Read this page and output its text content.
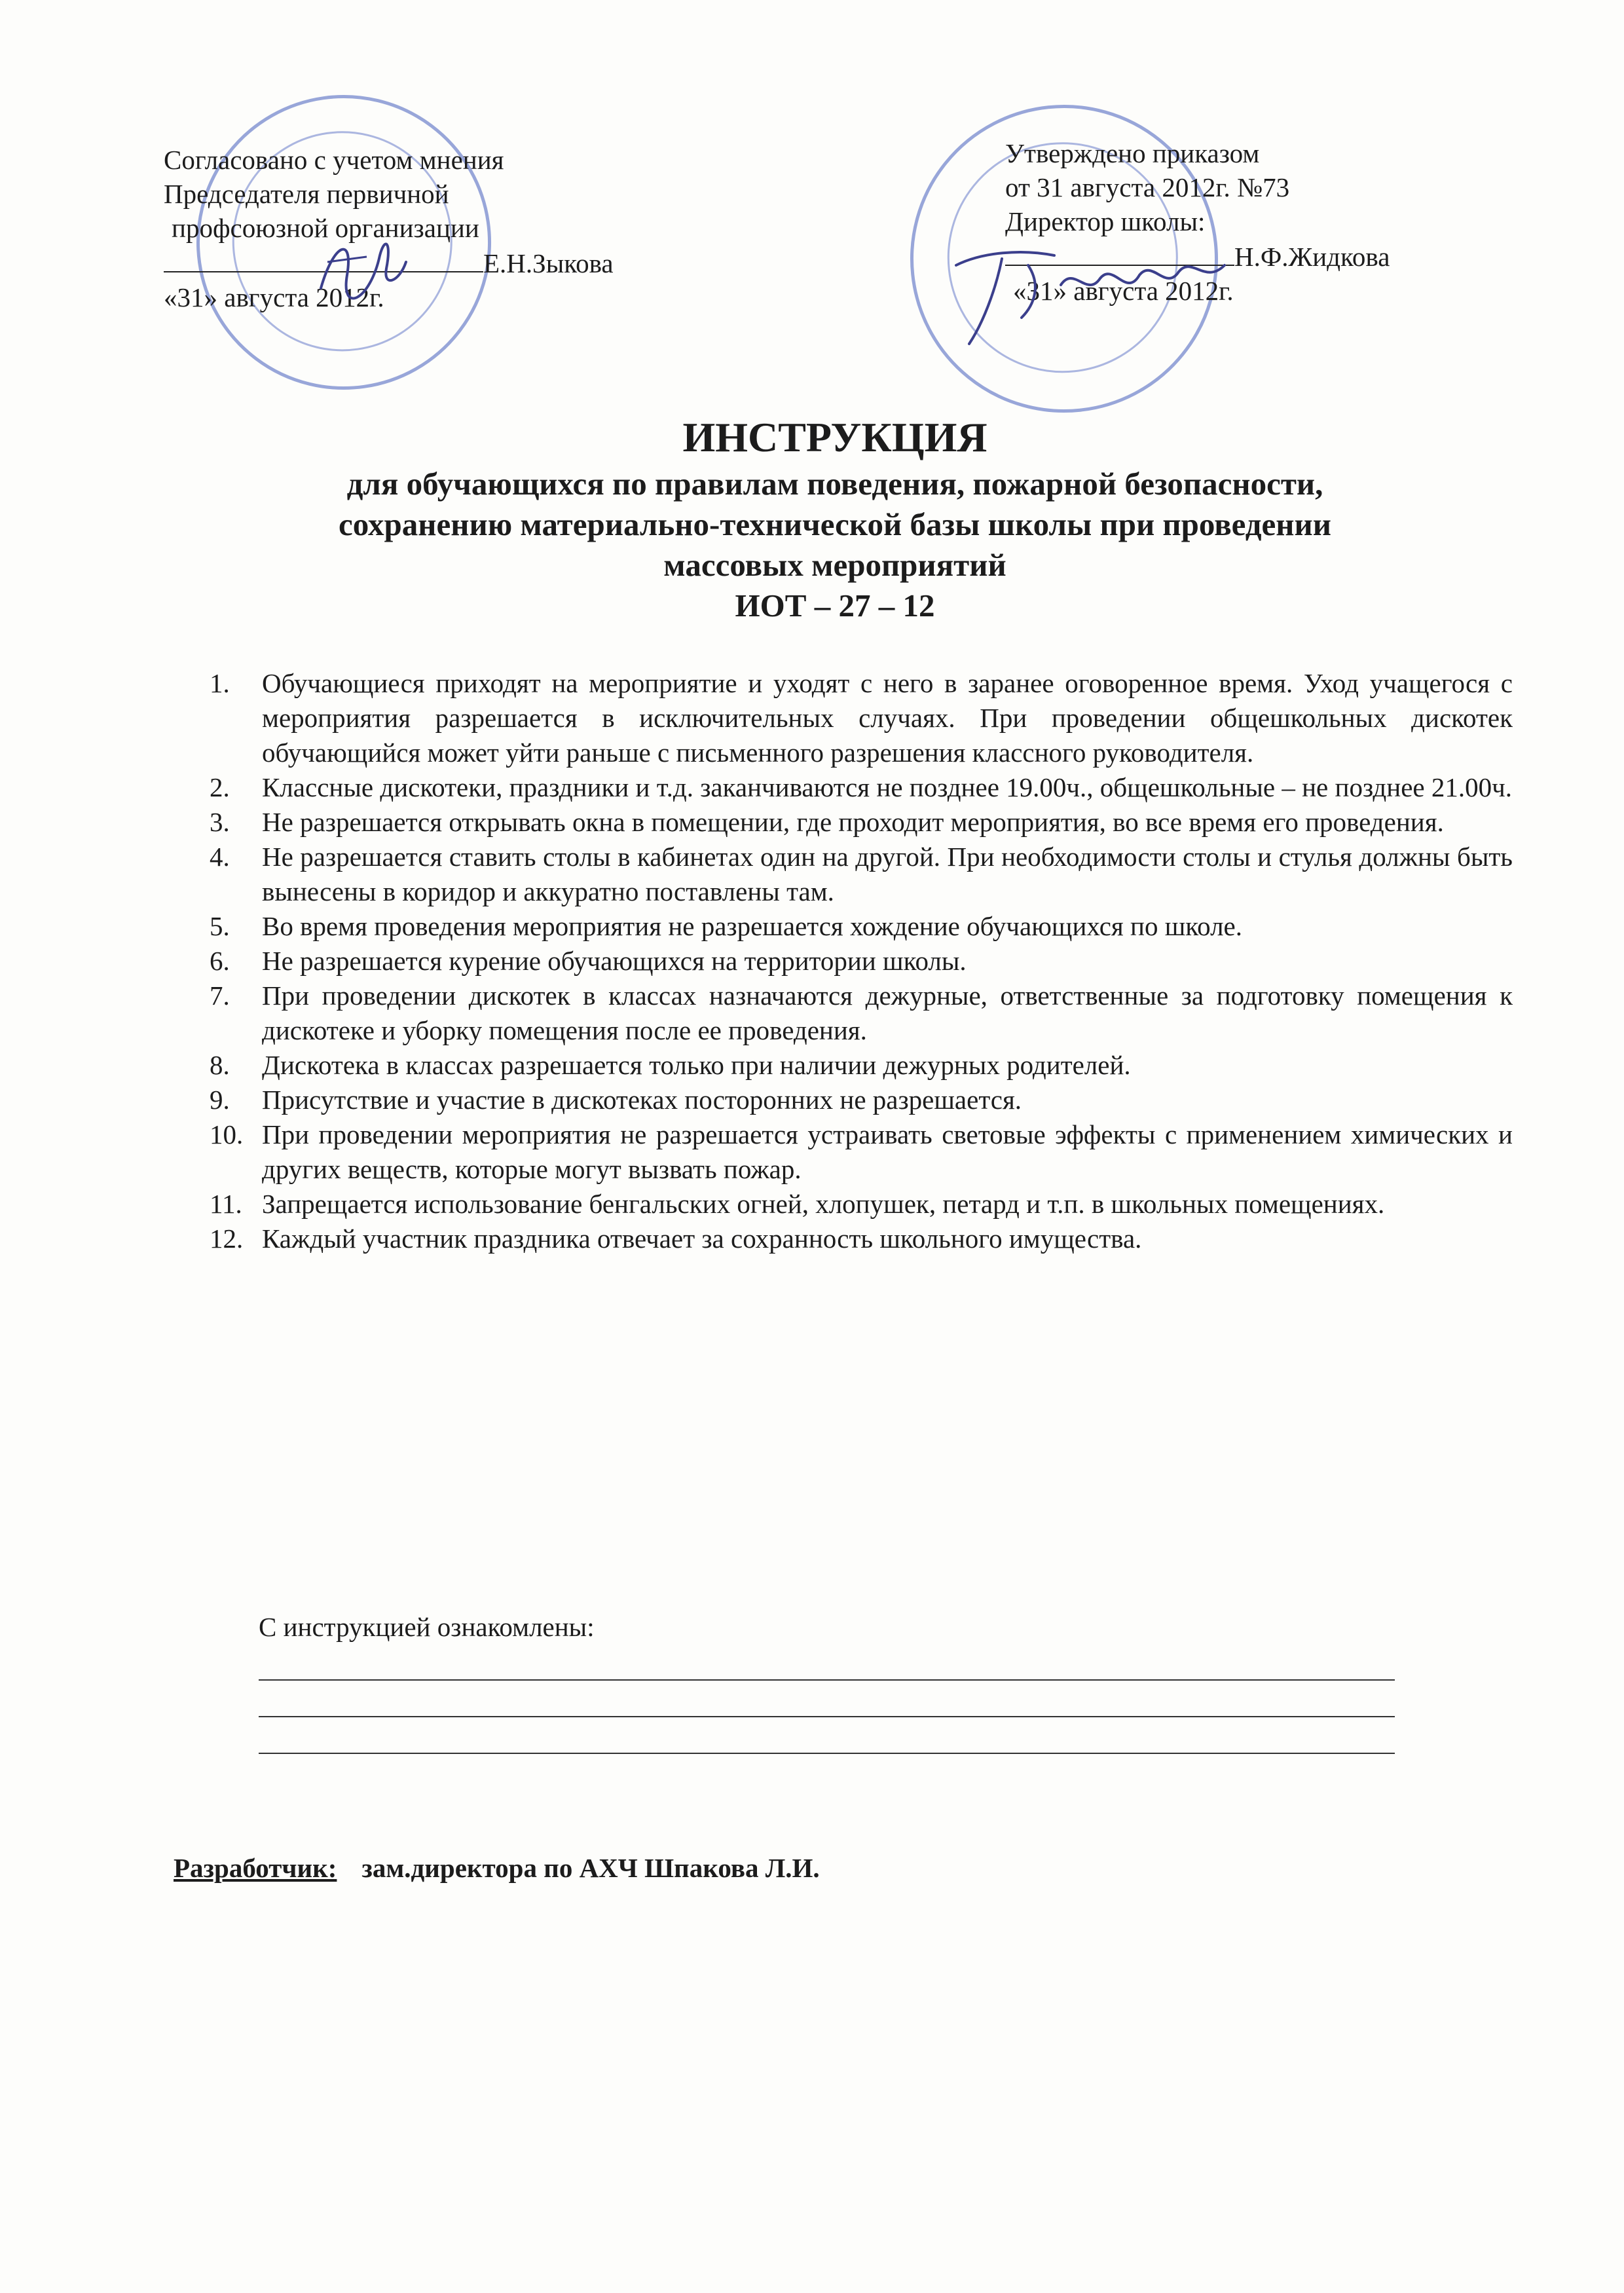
Согласовано с учетом мнения
Председателя первичной
профсоюзной организации
Е.Н.Зыкова
«31» августа 2012г.
Утверждено приказом
от 31 августа 2012г. №73
Директор школы:
Н.Ф.Жидкова
«31» августа 2012г.
ИНСТРУКЦИЯ
для обучающихся по правилам поведения, пожарной безопасности,
сохранению материально-технической базы школы при проведении
массовых мероприятий
ИОТ – 27 – 12
1.	Обучающиеся приходят на мероприятие и уходят с него в заранее оговоренное время. Уход учащегося с мероприятия разрешается в исключительных случаях. При проведении общешкольных дискотек обучающийся может уйти раньше с письменного разрешения классного руководителя.
2.	Классные дискотеки, праздники и т.д. заканчиваются не позднее 19.00ч., общешкольные – не позднее 21.00ч.
3.	Не разрешается открывать окна в помещении, где проходит мероприятия, во все время его проведения.
4.	Не разрешается ставить столы в кабинетах один на другой. При необходимости столы и стулья должны быть вынесены в коридор и аккуратно поставлены там.
5.	Во время проведения мероприятия не разрешается хождение обучающихся по школе.
6.	Не разрешается курение обучающихся на территории школы.
7.	При проведении дискотек в классах назначаются дежурные, ответственные за подготовку помещения к дискотеке и уборку помещения после ее проведения.
8.	Дискотека в классах разрешается только при наличии дежурных родителей.
9.	Присутствие и участие в дискотеках посторонних не разрешается.
10. При проведении мероприятия не разрешается устраивать световые эффекты с применением химических и других веществ, которые могут вызвать пожар.
11. Запрещается использование бенгальских огней, хлопушек, петард и т.п. в школьных помещениях.
12. Каждый участник праздника отвечает за сохранность школьного имущества.
С инструкцией ознакомлены:
Разработчик: зам.директора по АХЧ Шпакова Л.И.
